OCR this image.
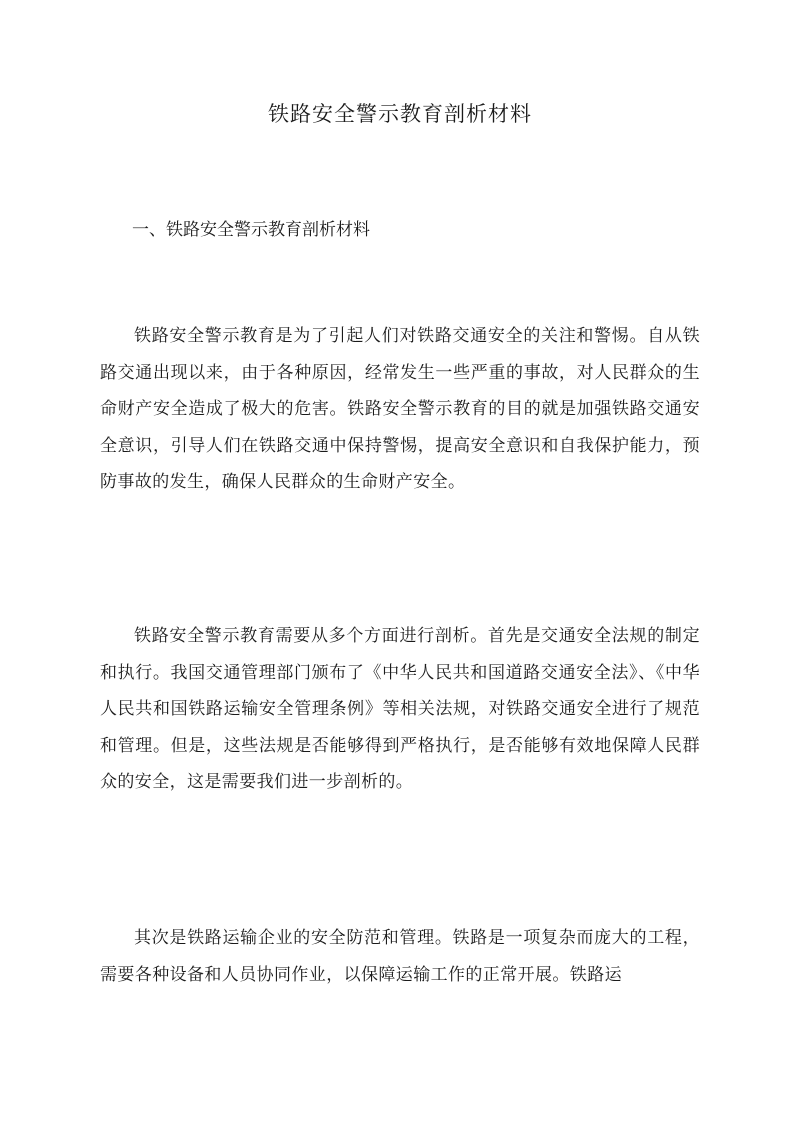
铁路安全警示教育剖析材料
一、铁路安全警示教育剖析材料

铁路安全警示教育是为了引起人们对铁路交通安全的关注和警惕。自从铁路交通出现以来，由于各种原因，经常发生一些严重的事故，对人民群众的生命财产安全造成了极大的危害。铁路安全警示教育的目的就是加强铁路交通安全意识，引导人们在铁路交通中保持警惕，提高安全意识和自我保护能力，预防事故的发生，确保人民群众的生命财产安全。

铁路安全警示教育需要从多个方面进行剖析。首先是交通安全法规的制定和执行。我国交通管理部门颁布了《中华人民共和国道路交通安全法》、《中华人民共和国铁路运输安全管理条例》等相关法规，对铁路交通安全进行了规范和管理。但是，这些法规是否能够得到严格执行，是否能够有效地保障人民群众的安全，这是需要我们进一步剖析的。

其次是铁路运输企业的安全防范和管理。铁路是一项复杂而庞大的工程，需要各种设备和人员协同作业，以保障运输工作的正常开展。铁路运
